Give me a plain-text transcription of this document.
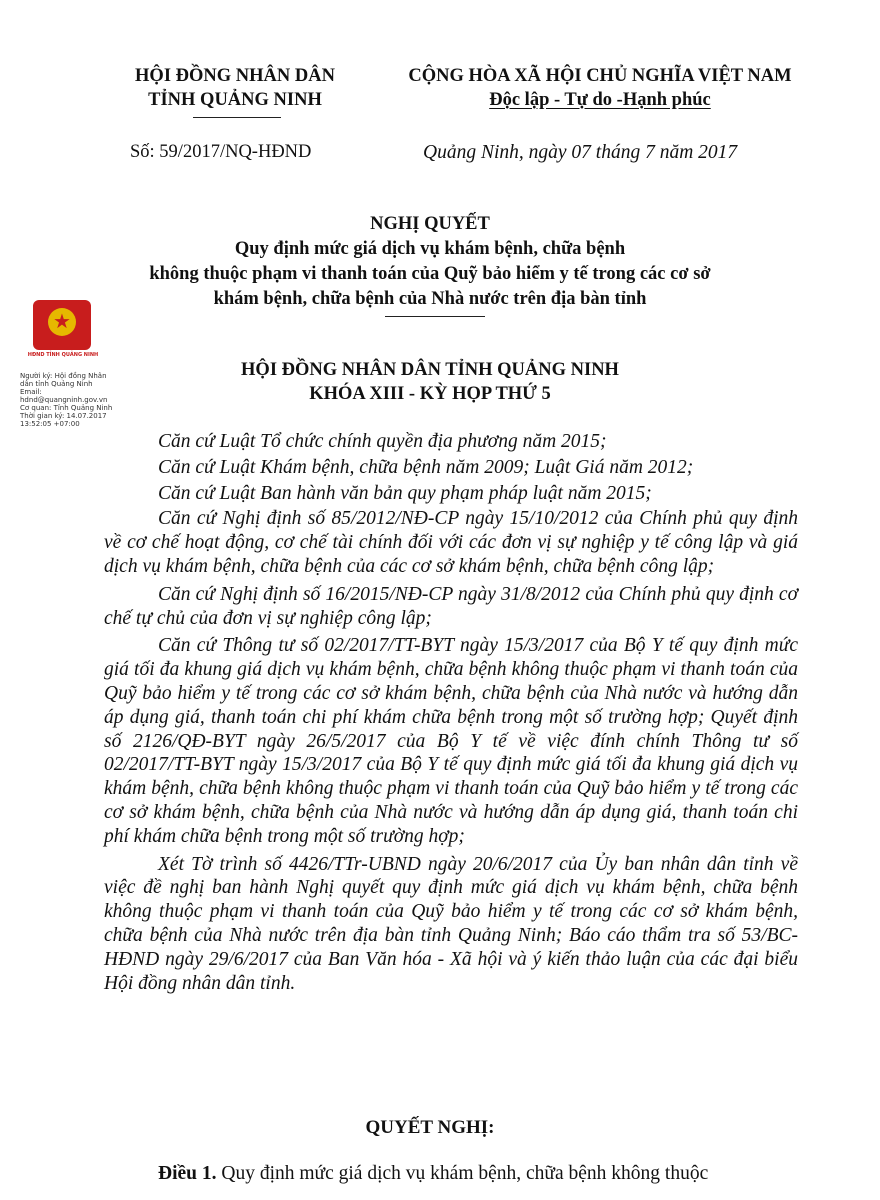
HỘI ĐỒNG NHÂN DÂN
TỈNH QUẢNG NINH
CỘNG HÒA XÃ HỘI CHỦ NGHĨA VIỆT NAM
Độc lập - Tự do -Hạnh phúc
Số: 59/2017/NQ-HĐND	Quảng Ninh, ngày 07 tháng 7 năm 2017
NGHỊ QUYẾT
Quy định mức giá dịch vụ khám bệnh, chữa bệnh
không thuộc phạm vi thanh toán của Quỹ bảo hiểm y tế trong các cơ sở
khám bệnh, chữa bệnh của Nhà nước trên địa bàn tỉnh
HỘI ĐỒNG NHÂN DÂN TỈNH QUẢNG NINH
KHÓA XIII - KỲ HỌP THỨ 5
★
HĐND TỈNH QUẢNG NINH
Người ký: Hội đồng Nhân dân tỉnh Quảng Ninh
Email:
hdnd@quangninh.gov.vn
Cơ quan: Tỉnh Quảng Ninh
Thời gian ký: 14.07.2017 13:52:05 +07:00

Căn cứ Luật Tổ chức chính quyền địa phương năm 2015;

Căn cứ Luật Khám bệnh, chữa bệnh năm 2009; Luật Giá năm 2012;

Căn cứ Luật Ban hành văn bản quy phạm pháp luật năm 2015;

Căn cứ Nghị định số 85/2012/NĐ-CP ngày 15/10/2012 của Chính phủ quy định về cơ chế hoạt động, cơ chế tài chính đối với các đơn vị sự nghiệp y tế công lập và giá dịch vụ khám bệnh, chữa bệnh của các cơ sở khám bệnh, chữa bệnh công lập;

Căn cứ Nghị định số 16/2015/NĐ-CP ngày 31/8/2012 của Chính phủ quy định cơ chế tự chủ của đơn vị sự nghiệp công lập;

Căn cứ Thông tư số 02/2017/TT-BYT ngày 15/3/2017 của Bộ Y tế quy định mức giá tối đa khung giá dịch vụ khám bệnh, chữa bệnh không thuộc phạm vi thanh toán của Quỹ bảo hiểm y tế trong các cơ sở khám bệnh, chữa bệnh của Nhà nước và hướng dẫn áp dụng giá, thanh toán chi phí khám chữa bệnh trong một số trường hợp; Quyết định số 2126/QĐ-BYT ngày 26/5/2017 của Bộ Y tế về việc đính chính Thông tư số 02/2017/TT-BYT ngày 15/3/2017 của Bộ Y tế quy định mức giá tối đa khung giá dịch vụ khám bệnh, chữa bệnh không thuộc phạm vi thanh toán của Quỹ bảo hiểm y tế trong các cơ sở khám bệnh, chữa bệnh của Nhà nước và hướng dẫn áp dụng giá, thanh toán chi phí khám chữa bệnh trong một số trường hợp;

Xét Tờ trình số 4426/TTr-UBND ngày 20/6/2017 của Ủy ban nhân dân tỉnh về việc đề nghị ban hành Nghị quyết quy định mức giá dịch vụ khám bệnh, chữa bệnh không thuộc phạm vi thanh toán của Quỹ bảo hiểm y tế trong các cơ sở khám bệnh, chữa bệnh của Nhà nước trên địa bàn tỉnh Quảng Ninh; Báo cáo thẩm tra số 53/BC-HĐND ngày 29/6/2017 của Ban Văn hóa - Xã hội và ý kiến thảo luận của các đại biểu Hội đồng nhân dân tỉnh.

QUYẾT NGHỊ:
Điều 1. Quy định mức giá dịch vụ khám bệnh, chữa bệnh không thuộc
